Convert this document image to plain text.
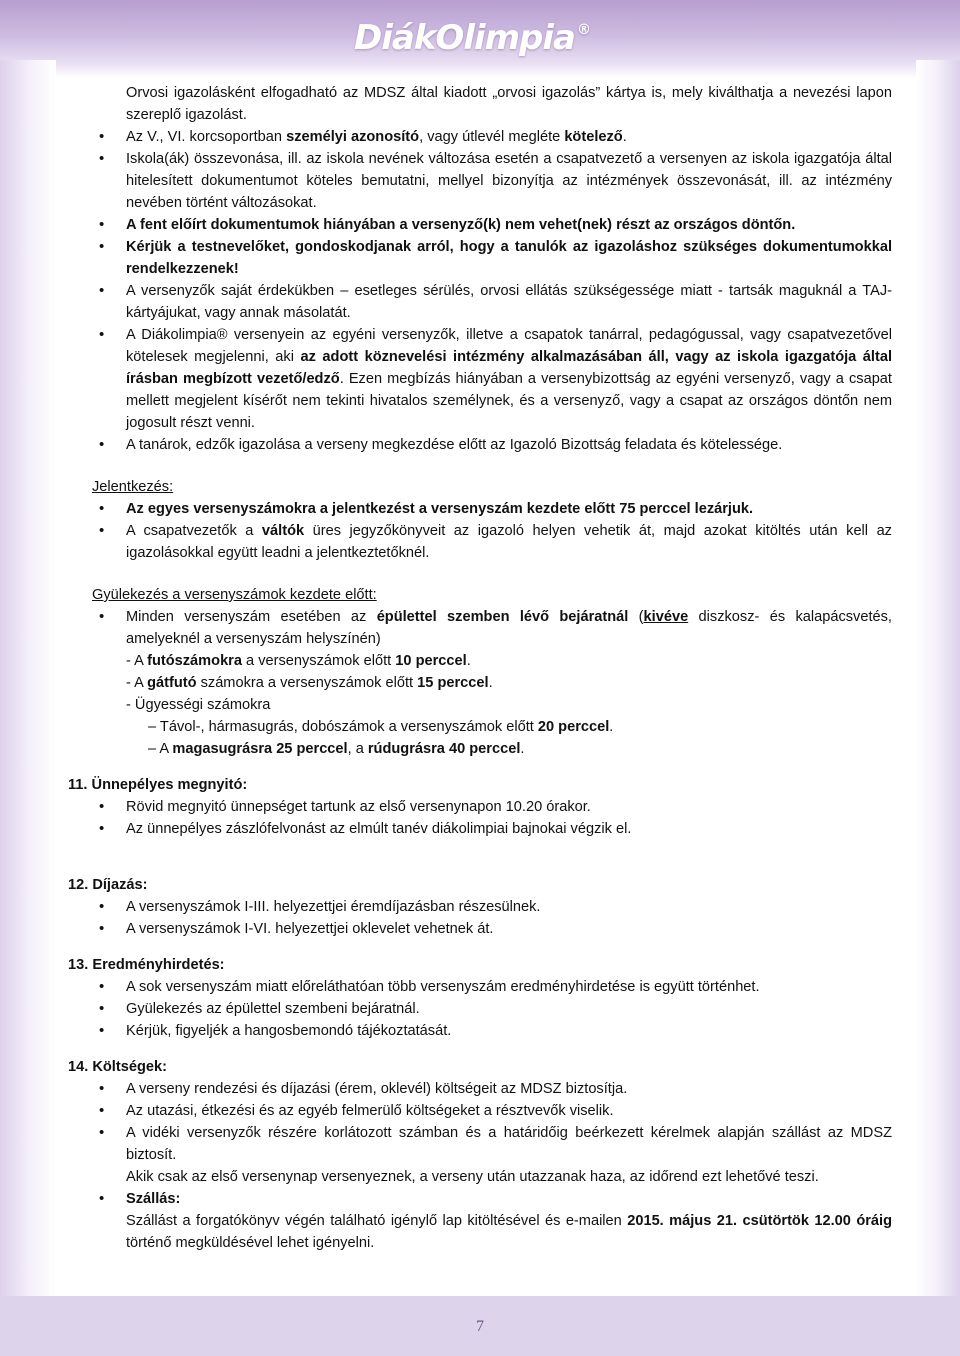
DiákOlimpia ®

Orvosi igazolásként elfogadható az MDSZ által kiadott „orvosi igazolás” kártya is, mely kiválthatja a nevezési lapon szereplő igazolást.

• Az V., VI. korcsoportban személyi azonosító, vagy útlevél megléte kötelező.
• Iskola(ák) összevonása, ill. az iskola nevének változása esetén a csapatvezető a versenyen az iskola igazgatója által hitelesített dokumentumot köteles bemutatni, mellyel bizonyítja az intézmények összevonását, ill. az intézmény nevében történt változásokat.
• A fent előírt dokumentumok hiányában a versenyző(k) nem vehet(nek) részt az országos döntőn.
• Kérjük a testnevelőket, gondoskodjanak arról, hogy a tanulók az igazoláshoz szükséges dokumentumokkal rendelkezzenek!
• A versenyzők saját érdekükben – esetleges sérülés, orvosi ellátás szükségessége miatt - tartsák maguknál a TAJ-kártyájukat, vagy annak másolatát.
• A Diákolimpia® versenyein az egyéni versenyzők, illetve a csapatok tanárral, pedagógussal, vagy csapatvezetővel kötelesek megjelenni, aki az adott köznevelési intézmény alkalmazásában áll, vagy az iskola igazgatója által írásban megbízott vezető/edző. Ezen megbízás hiányában a versenybizottság az egyéni versenyző, vagy a csapat mellett megjelent kísérőt nem tekinti hivatalos személynek, és a versenyző, vagy a csapat az országos döntőn nem jogosult részt venni.
• A tanárok, edzők igazolása a verseny megkezdése előtt az Igazoló Bizottság feladata és kötelessége.

Jelentkezés:

• Az egyes versenyszámokra a jelentkezést a versenyszám kezdete előtt 75 perccel lezárjuk.
• A csapatvezetők a váltók üres jegyzőkönyveit az igazoló helyen vehetik át, majd azokat kitöltés után kell az igazolásokkal együtt leadni a jelentkeztetőknél.

Gyülekezés a versenyszámok kezdete előtt:

• Minden versenyszám esetében az épülettel szemben lévő bejáratnál (kivéve diszkosz- és kalapácsvetés, amelyeknél a versenyszám helyszínén)

- A futószámokra a versenyszámok előtt 10 perccel.

- A gátfutó számokra a versenyszámok előtt 15 perccel.

- Ügyességi számokra

– Távol-, hármasugrás, dobószámok a versenyszámok előtt 20 perccel.

– A magasugrásra 25 perccel, a rúdugrásra 40 perccel.

11. Ünnepélyes megnyitó:

• Rövid megnyitó ünnepséget tartunk az első versenynapon 10.20 órakor.
• Az ünnepélyes zászlófelvonást az elmúlt tanév diákolimpiai bajnokai végzik el.

12. Díjazás:

• A versenyszámok I-III. helyezettjei éremdíjazásban részesülnek.
• A versenyszámok I-VI. helyezettjei oklevelet vehetnek át.

13. Eredményhirdetés:

• A sok versenyszám miatt előreláthatóan több versenyszám eredményhirdetése is együtt történhet.
• Gyülekezés az épülettel szembeni bejáratnál.
• Kérjük, figyeljék a hangosbemondó tájékoztatását.

14. Költségek:

• A verseny rendezési és díjazási (érem, oklevél) költségeit az MDSZ biztosítja.
• Az utazási, étkezési és az egyéb felmerülő költségeket a résztvevők viselik.
• A vidéki versenyzők részére korlátozott számban és a határidőig beérkezett kérelmek alapján szállást az MDSZ biztosít.

Akik csak az első versenynap versenyeznek, a verseny után utazzanak haza, az időrend ezt lehetővé teszi.

• Szállás:

Szállást a forgatókönyv végén található igénylő lap kitöltésével és e-mailen 2015. május 21. csütörtök 12.00 óráig történő megküldésével lehet igényelni.

7
